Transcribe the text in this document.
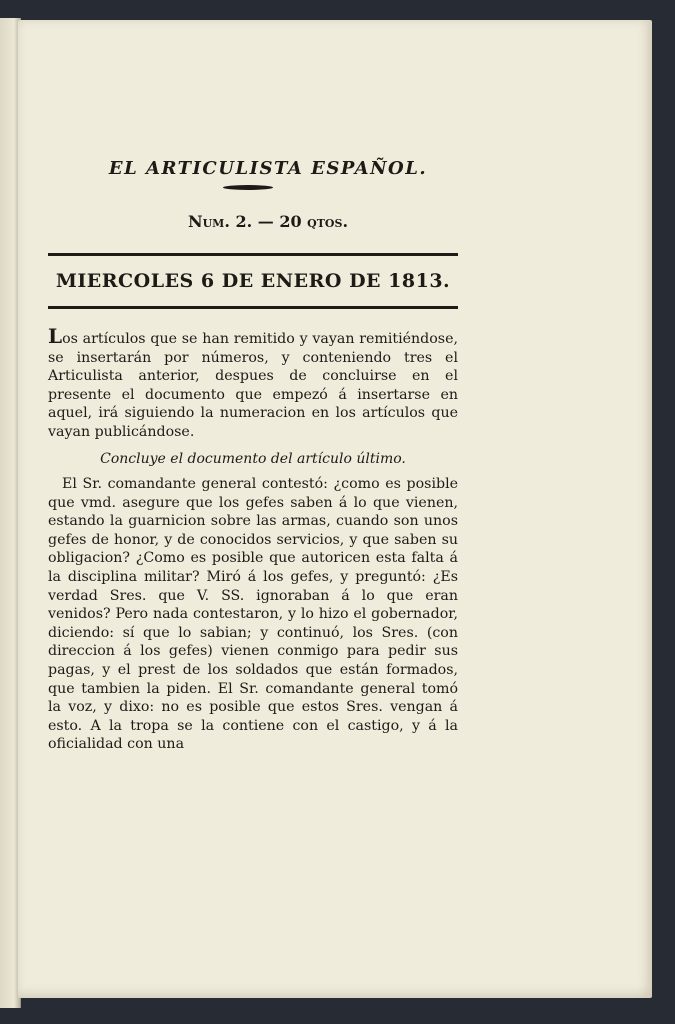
EL ARTICULISTA ESPAÑOL.
Num. 2. — 20 qtos.
MIERCOLES 6 DE ENERO DE 1813.

Los artículos que se han remitido y vayan remitiéndose, se insertarán por números, y conteniendo tres el Articulista anterior, despues de concluirse en el presente el documento que empezó á insertarse en aquel, irá siguiendo la numeracion en los artículos que vayan publicándose.

Concluye el documento del artículo último.

El Sr. comandante general contestó: ¿como es posible que vmd. asegure que los gefes saben á lo que vienen, estando la guarnicion sobre las armas, cuando son unos gefes de honor, y de conocidos servicios, y que saben su obligacion? ¿Como es posible que autoricen esta falta á la disciplina militar? Miró á los gefes, y preguntó: ¿Es verdad Sres. que V. SS. ignoraban á lo que eran venidos? Pero nada contestaron, y lo hizo el gobernador, diciendo: sí que lo sabian; y continuó, los Sres. (con direccion á los gefes) vienen conmigo para pedir sus pagas, y el prest de los soldados que están formados, que tambien la piden. El Sr. comandante general tomó la voz, y dixo: no es posible que estos Sres. vengan á esto. A la tropa se la contiene con el castigo, y á la oficialidad con una
